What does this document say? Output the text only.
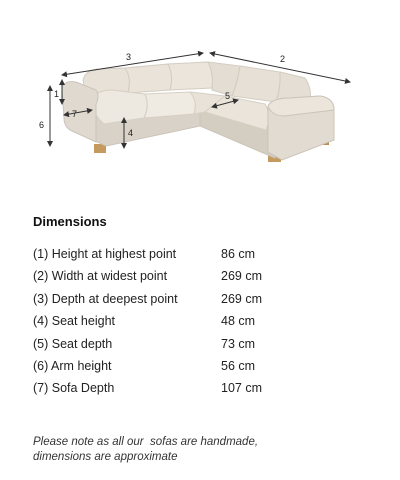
3	2
1
6
7
4
5
Dimensions
(1) Height at highest point	86 cm
(2) Width at widest point	269 cm
(3) Depth at deepest point	269 cm
(4) Seat height	48 cm
(5) Seat depth	73 cm
(6) Arm height	56 cm
(7) Sofa Depth	107 cm
Please note as all our  sofas are handmade,
dimensions are approximate
